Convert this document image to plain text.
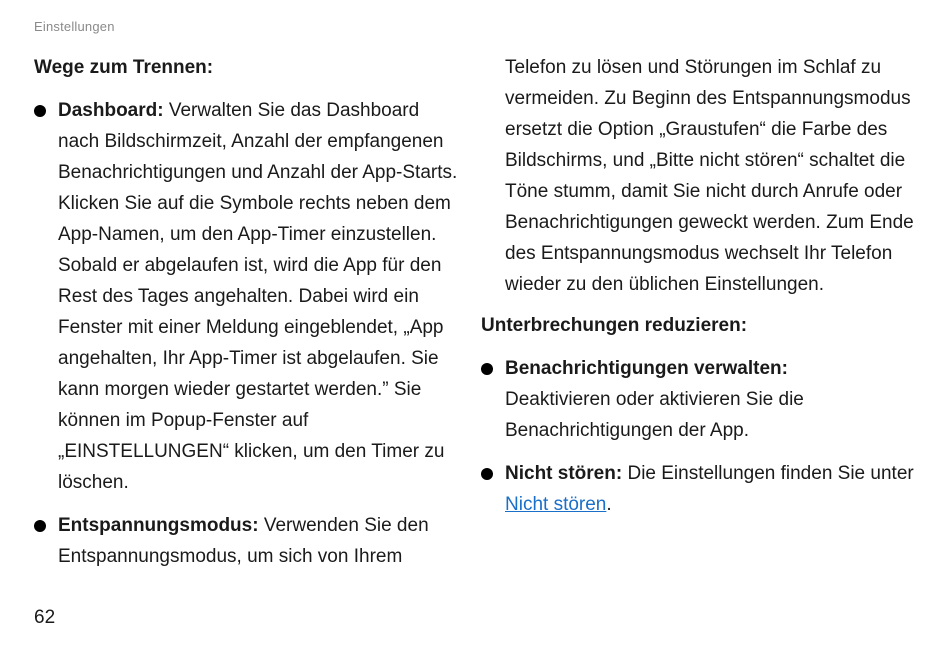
Einstellungen
Wege zum Trennen:
Dashboard: Verwalten Sie das Dashboard nach Bildschirmzeit, Anzahl der empfangenen Benachrichtigungen und Anzahl der App-Starts. Klicken Sie auf die Symbole rechts neben dem App-Namen, um den App-Timer einzustellen. Sobald er abgelaufen ist, wird die App für den Rest des Tages angehalten. Dabei wird ein Fenster mit einer Meldung eingeblendet, „App angehalten, Ihr App-Timer ist abgelaufen. Sie kann morgen wieder gestartet werden.” Sie können im Popup-Fenster auf „EINSTELLUNGEN“ klicken, um den Timer zu löschen.
Entspannungsmodus: Verwenden Sie den Entspannungsmodus, um sich von Ihrem
Telefon zu lösen und Störungen im Schlaf zu vermeiden. Zu Beginn des Entspannungsmodus ersetzt die Option „Graustufen“ die Farbe des Bildschirms, und „Bitte nicht stören“ schaltet die Töne stumm, damit Sie nicht durch Anrufe oder Benachrichtigungen geweckt werden. Zum Ende des Entspannungsmodus wechselt Ihr Telefon wieder zu den üblichen Einstellungen.
Unterbrechungen reduzieren:
Benachrichtigungen verwalten:
Deaktivieren oder aktivieren Sie die Benachrichtigungen der App.
Nicht stören: Die Einstellungen finden Sie unter Nicht stören.
62
